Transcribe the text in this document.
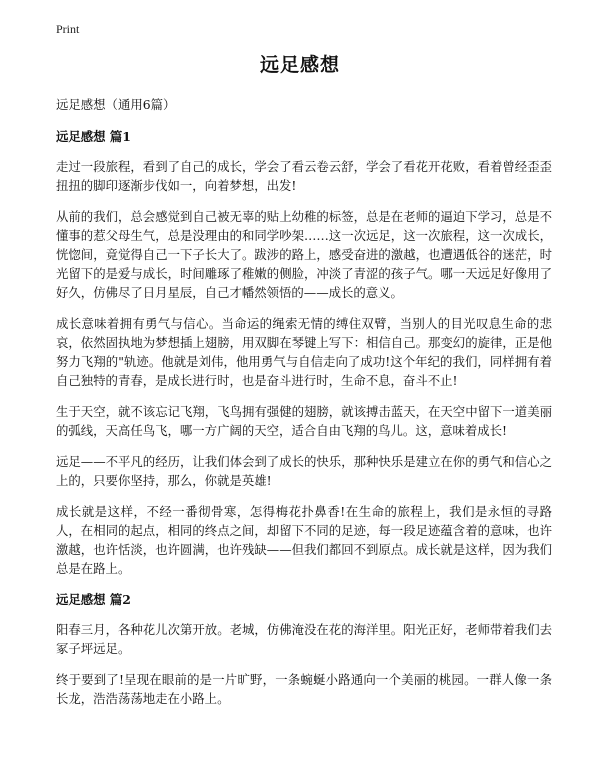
Print
远足感想

远足感想（通用6篇）

远足感想 篇1

走过一段旅程，看到了自己的成长，学会了看云卷云舒，学会了看花开花败，看着曾经歪歪扭扭的脚印逐渐步伐如一，向着梦想，出发!

从前的我们，总会感觉到自己被无辜的贴上幼稚的标签，总是在老师的逼迫下学习，总是不懂事的惹父母生气，总是没理由的和同学吵架……这一次远足，这一次旅程，这一次成长，恍惚间，竟觉得自己一下子长大了。跋涉的路上，感受奋进的激越，也遭遇低谷的迷茫，时光留下的是爱与成长，时间雕琢了稚嫩的侧脸，冲淡了青涩的孩子气。哪一天远足好像用了好久，仿佛尽了日月星辰，自己才幡然领悟的——成长的意义。

成长意味着拥有勇气与信心。当命运的绳索无情的缚住双臂，当别人的目光叹息生命的悲哀，依然固执地为梦想插上翅膀，用双脚在琴键上写下：相信自己。那变幻的旋律，正是他努力飞翔的"轨迹。他就是刘伟，他用勇气与自信走向了成功!这个年纪的我们，同样拥有着自己独特的青春，是成长进行时，也是奋斗进行时，生命不息，奋斗不止!

生于天空，就不该忘记飞翔，飞鸟拥有强健的翅膀，就该搏击蓝天，在天空中留下一道美丽的弧线，天高任鸟飞，哪一方广阔的天空，适合自由飞翔的鸟儿。这，意味着成长!

远足——不平凡的经历，让我们体会到了成长的快乐，那种快乐是建立在你的勇气和信心之上的，只要你坚持，那么，你就是英雄!

成长就是这样，不经一番彻骨寒，怎得梅花扑鼻香!在生命的旅程上，我们是永恒的寻路人，在相同的起点，相同的终点之间，却留下不同的足迹，每一段足迹蕴含着的意味，也许激越，也许恬淡，也许圆满，也许残缺——但我们都回不到原点。成长就是这样，因为我们总是在路上。

远足感想 篇2

阳春三月，各种花儿次第开放。老城，仿佛淹没在花的海洋里。阳光正好，老师带着我们去冢子坪远足。

终于要到了!呈现在眼前的是一片旷野，一条蜿蜒小路通向一个美丽的桃园。一群人像一条长龙，浩浩荡荡地走在小路上。
